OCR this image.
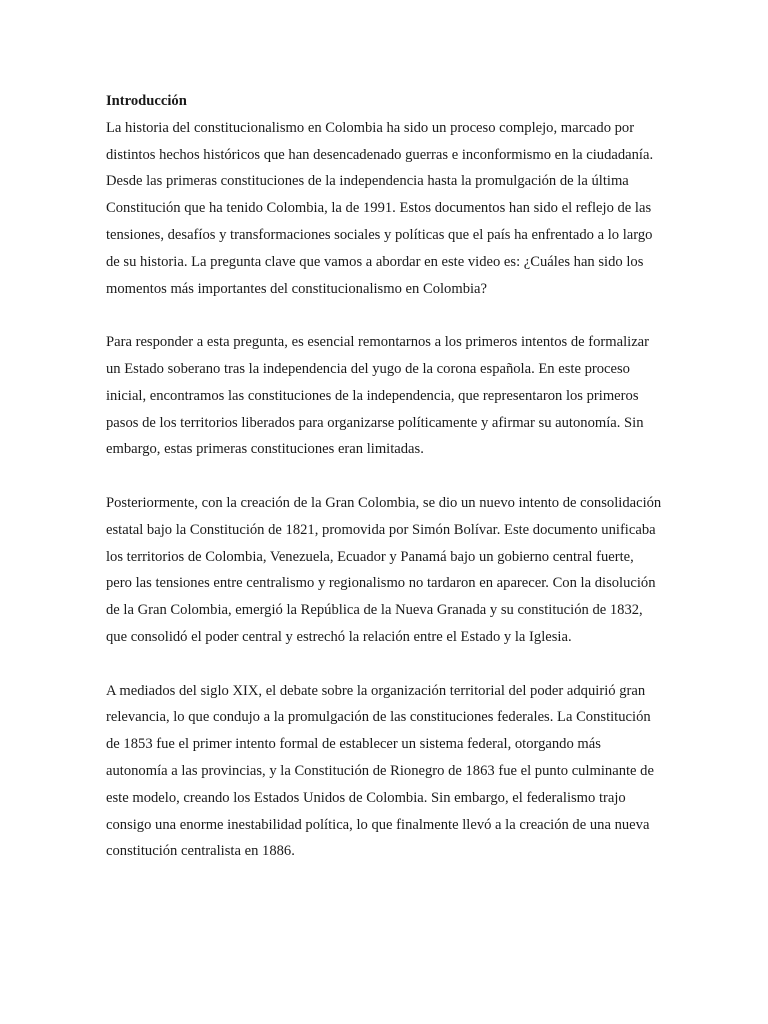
Introducción

La historia del constitucionalismo en Colombia ha sido un proceso complejo, marcado por distintos hechos históricos que han desencadenado guerras e inconformismo en la ciudadanía. Desde las primeras constituciones de la independencia hasta la promulgación de la última Constitución que ha tenido Colombia, la de 1991. Estos documentos han sido el reflejo de las tensiones, desafíos y transformaciones sociales y políticas que el país ha enfrentado a lo largo de su historia. La pregunta clave que vamos a abordar en este video es: ¿Cuáles han sido los momentos más importantes del constitucionalismo en Colombia?

Para responder a esta pregunta, es esencial remontarnos a los primeros intentos de formalizar un Estado soberano tras la independencia del yugo de la corona española. En este proceso inicial, encontramos las constituciones de la independencia, que representaron los primeros pasos de los territorios liberados para organizarse políticamente y afirmar su autonomía. Sin embargo, estas primeras constituciones eran limitadas.

Posteriormente, con la creación de la Gran Colombia, se dio un nuevo intento de consolidación estatal bajo la Constitución de 1821, promovida por Simón Bolívar. Este documento unificaba los territorios de Colombia, Venezuela, Ecuador y Panamá bajo un gobierno central fuerte, pero las tensiones entre centralismo y regionalismo no tardaron en aparecer. Con la disolución de la Gran Colombia, emergió la República de la Nueva Granada y su constitución de 1832, que consolidó el poder central y estrechó la relación entre el Estado y la Iglesia.

A mediados del siglo XIX, el debate sobre la organización territorial del poder adquirió gran relevancia, lo que condujo a la promulgación de las constituciones federales. La Constitución de 1853 fue el primer intento formal de establecer un sistema federal, otorgando más autonomía a las provincias, y la Constitución de Rionegro de 1863 fue el punto culminante de este modelo, creando los Estados Unidos de Colombia. Sin embargo, el federalismo trajo consigo una enorme inestabilidad política, lo que finalmente llevó a la creación de una nueva constitución centralista en 1886.
